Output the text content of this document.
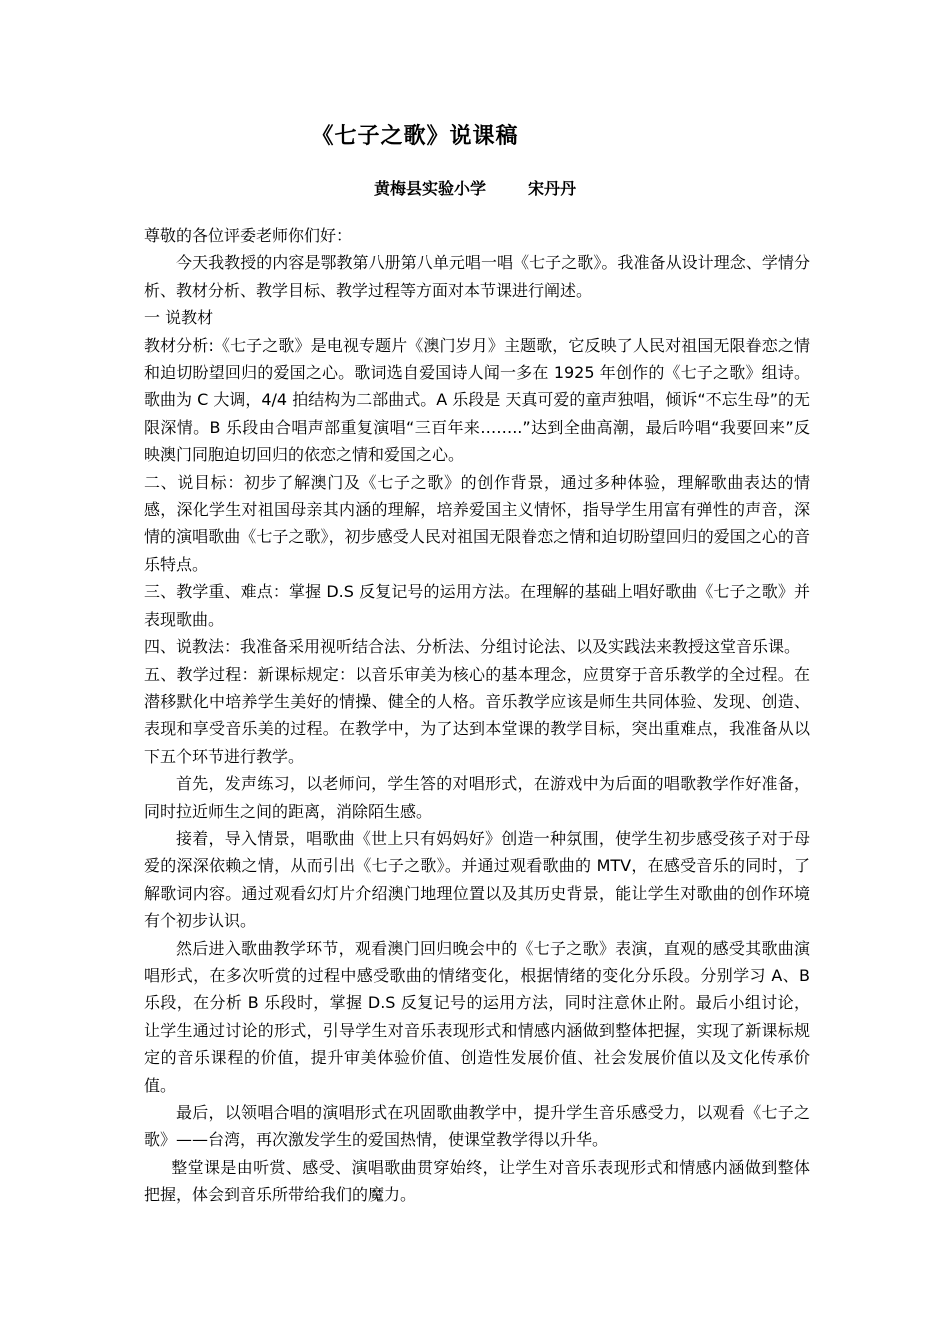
《七子之歌》说课稿
黄梅县实验小学	宋丹丹

尊敬的各位评委老师你们好：

今天我教授的内容是鄂教第八册第八单元唱一唱《七子之歌》。我准备从设计理念、学情分析、教材分析、教学目标、教学过程等方面对本节课进行阐述。

一 说教材

教材分析:《七子之歌》是电视专题片《澳门岁月》主题歌，它反映了人民对祖国无限眷恋之情和迫切盼望回归的爱国之心。歌词选自爱国诗人闻一多在 1925 年创作的《七子之歌》组诗。歌曲为 C 大调，4/4 拍结构为二部曲式。A 乐段是 天真可爱的童声独唱，倾诉“不忘生母”的无限深情。B 乐段由合唱声部重复演唱“三百年来……..”达到全曲高潮，最后吟唱“我要回来”反映澳门同胞迫切回归的依恋之情和爱国之心。

二、说目标：初步了解澳门及《七子之歌》的创作背景，通过多种体验，理解歌曲表达的情感，深化学生对祖国母亲其内涵的理解，培养爱国主义情怀，指导学生用富有弹性的声音，深情的演唱歌曲《七子之歌》，初步感受人民对祖国无限眷恋之情和迫切盼望回归的爱国之心的音乐特点。

三、教学重、难点：掌握 D.S 反复记号的运用方法。在理解的基础上唱好歌曲《七子之歌》并表现歌曲。

四、说教法：我准备采用视听结合法、分析法、分组讨论法、以及实践法来教授这堂音乐课。

五、教学过程：新课标规定：以音乐审美为核心的基本理念，应贯穿于音乐教学的全过程。在潜移默化中培养学生美好的情操、健全的人格。音乐教学应该是师生共同体验、发现、创造、表现和享受音乐美的过程。在教学中，为了达到本堂课的教学目标，突出重难点，我准备从以下五个环节进行教学。

首先，发声练习，以老师问，学生答的对唱形式，在游戏中为后面的唱歌教学作好准备，同时拉近师生之间的距离，消除陌生感。

接着，导入情景，唱歌曲《世上只有妈妈好》创造一种氛围，使学生初步感受孩子对于母爱的深深依赖之情，从而引出《七子之歌》。并通过观看歌曲的 MTV，在感受音乐的同时，了解歌词内容。通过观看幻灯片介绍澳门地理位置以及其历史背景，能让学生对歌曲的创作环境有个初步认识。

然后进入歌曲教学环节，观看澳门回归晚会中的《七子之歌》表演，直观的感受其歌曲演唱形式，在多次听赏的过程中感受歌曲的情绪变化，根据情绪的变化分乐段。分别学习 A、B 乐段，在分析 B 乐段时，掌握 D.S 反复记号的运用方法，同时注意休止附。最后小组讨论，让学生通过讨论的形式，引导学生对音乐表现形式和情感内涵做到整体把握，实现了新课标规定的音乐课程的价值，提升审美体验价值、创造性发展价值、社会发展价值以及文化传承价值。

最后，以领唱合唱的演唱形式在巩固歌曲教学中，提升学生音乐感受力，以观看《七子之歌》——台湾，再次激发学生的爱国热情，使课堂教学得以升华。

整堂课是由听赏、感受、演唱歌曲贯穿始终，让学生对音乐表现形式和情感内涵做到整体把握，体会到音乐所带给我们的魔力。
